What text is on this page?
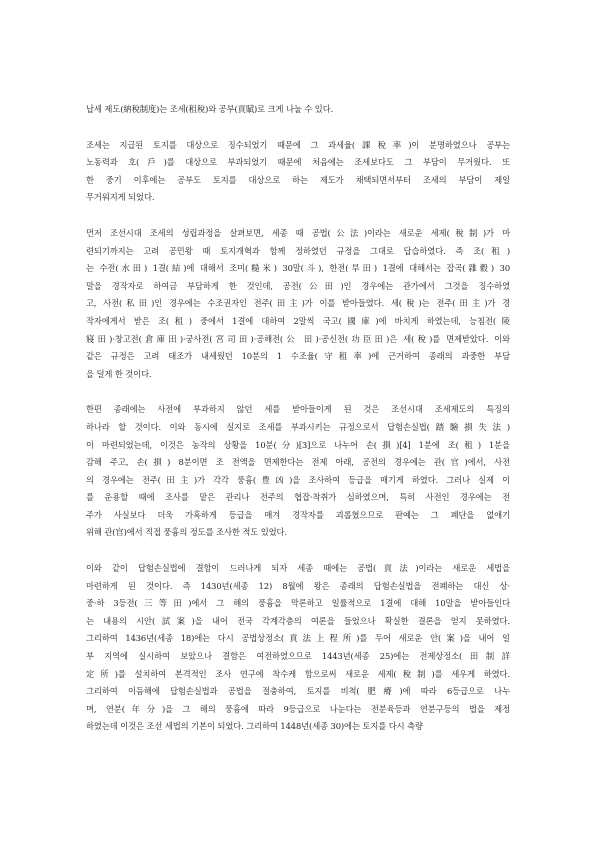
납세 제도(納稅制度)는 조세(租稅)와 공부(貢賦)로 크게 나눌 수 있다.
조세는 지급된 토지를 대상으로 징수되었기 때문에 그 과세율(課稅率)이 분명하였으나 공부는
노동력과 호(戶)를 대상으로 부과되었기 때문에 처음에는 조세보다도 그 부담이 무거웠다. 또
한 중기 이후에는 공부도 토지를 대상으로 하는 제도가 채택되면서부터 조세의 부담이 제일
무거워지게 되었다.
먼저 조선시대 조세의 성립과정을 살펴보면, 세종 때 공법(公法)이라는 새로운 세제(稅制)가 마
련되기까지는 고려 공민왕 때 토지개혁과 함께 정하였던 규정을 그대로 답습하였다. 즉 조(租)
는 수전(水田) 1결(結)에 대해서 조미(糙米) 30말(斗), 한전(旱田) 1결에 대해서는 잡곡(雜穀) 30
말을 경작자로 하여금 부담하게 한 것인데, 공전(公田)인 경우에는 관가에서 그것을 징수하였
고, 사전(私田)인 경우에는 수조권자인 전주(田主)가 이를 받아들였다. 세(稅)는 전주(田主)가 경
작자에게서 받은 조(租) 중에서 1결에 대하여 2말씩 국고(國庫)에 바치게 하였는데, 능침전(陵
寢田)·창고전(倉庫田)·궁사전(宮司田)·공해전(公 田)·공신전(功臣田)은 세(稅)를 면제받았다. 이와
같은 규정은 고려 태조가 내세웠던 10분의 1 수조율(守租率)에 근거하여 종래의 과중한 부담
을 덜게 한 것이다.
한편 종래에는 사전에 부과하지 않던 세를 받아들이게 된 것은 조선시대 조세제도의 특징의
하나라 할 것이다. 이와 동시에 실지로 조세를 부과시키는 규정으로서 답험손실법(踏驗損失法)
이 마련되었는데, 이것은 농작의 상황을 10분(分)[3]으로 나누어 손(損)[4] 1분에 조(租) 1분을
감해 주고, 손(損) 8분이면 조 전액을 면제한다는 전제 아래, 공전의 경우에는 관(官)에서, 사전
의 경우에는 전주(田主)가 각각 풍흉(豊凶)을 조사하여 등급을 매기게 하였다. 그러나 실제 이
를 운용할 때에 조사를 맡은 관리나 전주의 협잡·착취가 심하였으며, 특히 사전인 경우에는 전
주가 사실보다 더욱 가혹하게 등급을 매겨 경작자를 괴롭혔으므로 판예는 그 폐단을 없애기
위해 관(官)에서 직접 풍흉의 정도를 조사한 적도 있었다.
이와 같이 답험손실법에 결함이 드러나게 되자 세종 때에는 공법(貢法)이라는 새로운 세법을
마련하게 된 것이다. 즉 1430년(세종 12) 8월에 왕은 종래의 답험손실법을 전폐하는 대신 상·
중·하 3등전(三等田)에서 그 해의 풍흉을 막론하고 일률적으로 1결에 대해 10말을 받아들인다
는 내용의 시안(試案)을 내어 전국 각계각층의 여론을 들었으나 확실한 결론을 얻지 못하였다.
그리하여 1436년(세종 18)에는 다시 공법상정소(貢法上程所)를 두어 새로운 안(案)을 내어 일
부 지역에 실시하여 보았으나 결함은 여전하였으므로 1443년(세종 25)에는 전제상정소(田制詳
定所)를 설치하여 본격적인 조사 연구에 착수케 함으로써 새로운 세제(稅制)를 세우게 하였다.
그리하여 이듬해에 답험손실법과 공법을 절충하여, 토지를 비척(肥瘠)에 따라 6등급으로 나누
며, 연분(年分)을 그 해의 풍흉에 따라 9등급으로 나눈다는 전분육등과 연분구등의 법을 제정
하였는데 이것은 조선 세법의 기본이 되었다. 그리하여 1448년(세종 30)에는 토지를 다시 측량
